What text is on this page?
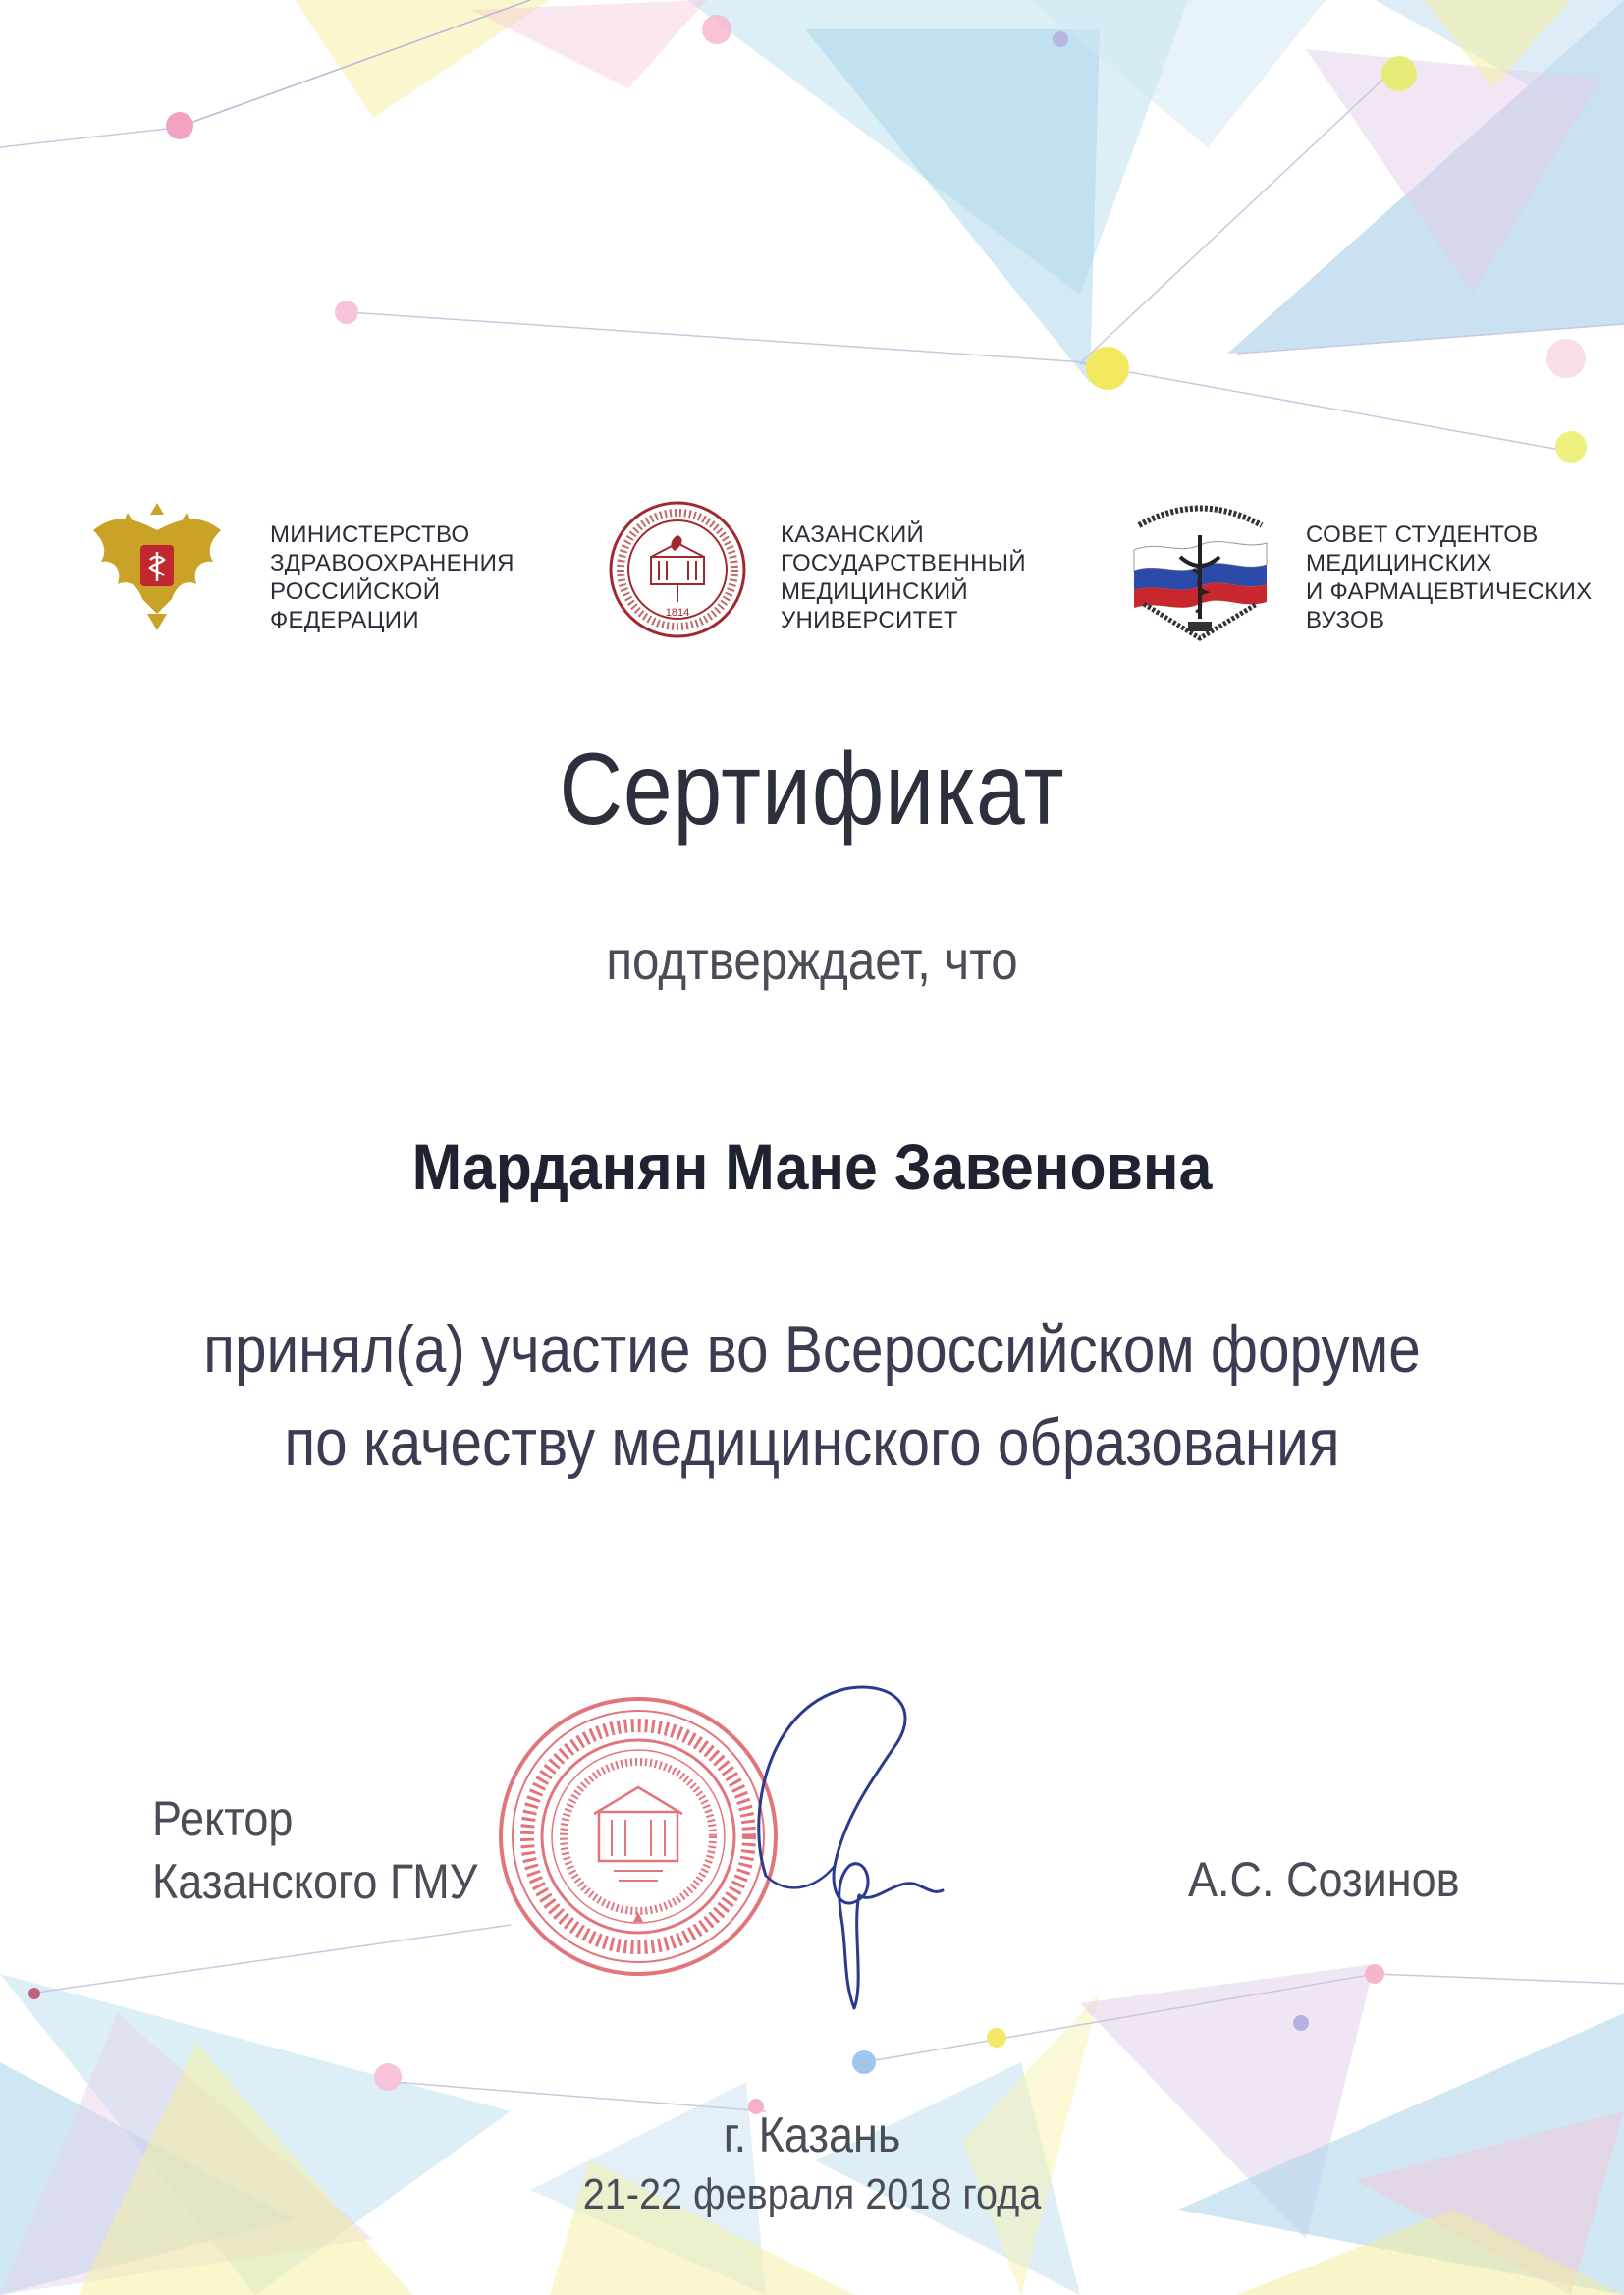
МИНИСТЕРСТВО
ЗДРАВООХРАНЕНИЯ
РОССИЙСКОЙ
ФЕДЕРАЦИИ	1814
КАЗАНСКИЙ
ГОСУДАРСТВЕННЫЙ
МЕДИЦИНСКИЙ
УНИВЕРСИТЕТ
СОВЕТ СТУДЕНТОВ
МЕДИЦИНСКИХ
И ФАРМАЦЕВТИЧЕСКИХ
ВУЗОВ
Сертификат
подтверждает, что
Марданян Мане Завеновна
принял(а) участие во Всероссийском форуме
по качеству медицинского образования
Ректор
Казанского ГМУ	А.С. Созинов
г. Казань
21-22 февраля 2018 года
